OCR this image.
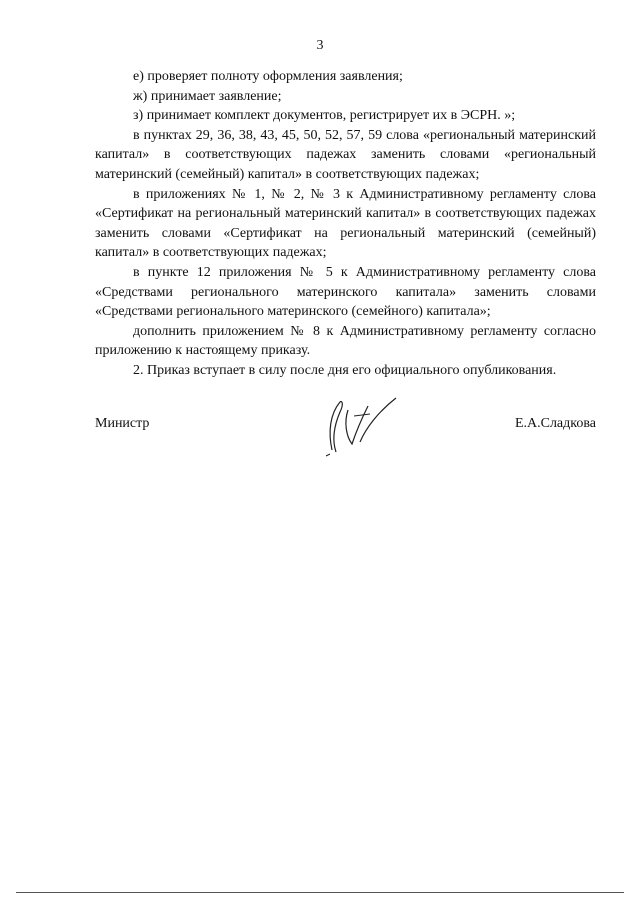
3

е) проверяет полноту оформления заявления;

ж) принимает заявление;

з) принимает комплект документов, регистрирует их в ЭСРН. »;

в пунктах 29, 36, 38, 43, 45, 50, 52, 57, 59 слова «региональный материнский капитал» в соответствующих падежах заменить словами «региональный материнский (семейный) капитал» в соответствующих падежах;

в приложениях № 1, № 2, № 3 к Административному регламенту слова «Сертификат на региональный материнский капитал» в соответствующих падежах заменить словами «Сертификат на региональный материнский (семейный) капитал» в соответствующих падежах;

в пункте 12 приложения № 5 к Административному регламенту слова «Средствами регионального материнского капитала» заменить словами «Средствами регионального материнского (семейного) капитала»;

дополнить приложением № 8 к Административному регламенту согласно приложению к настоящему приказу.

2. Приказ вступает в силу после дня его официального опубликования.

Министр	Е.А.Сладкова
